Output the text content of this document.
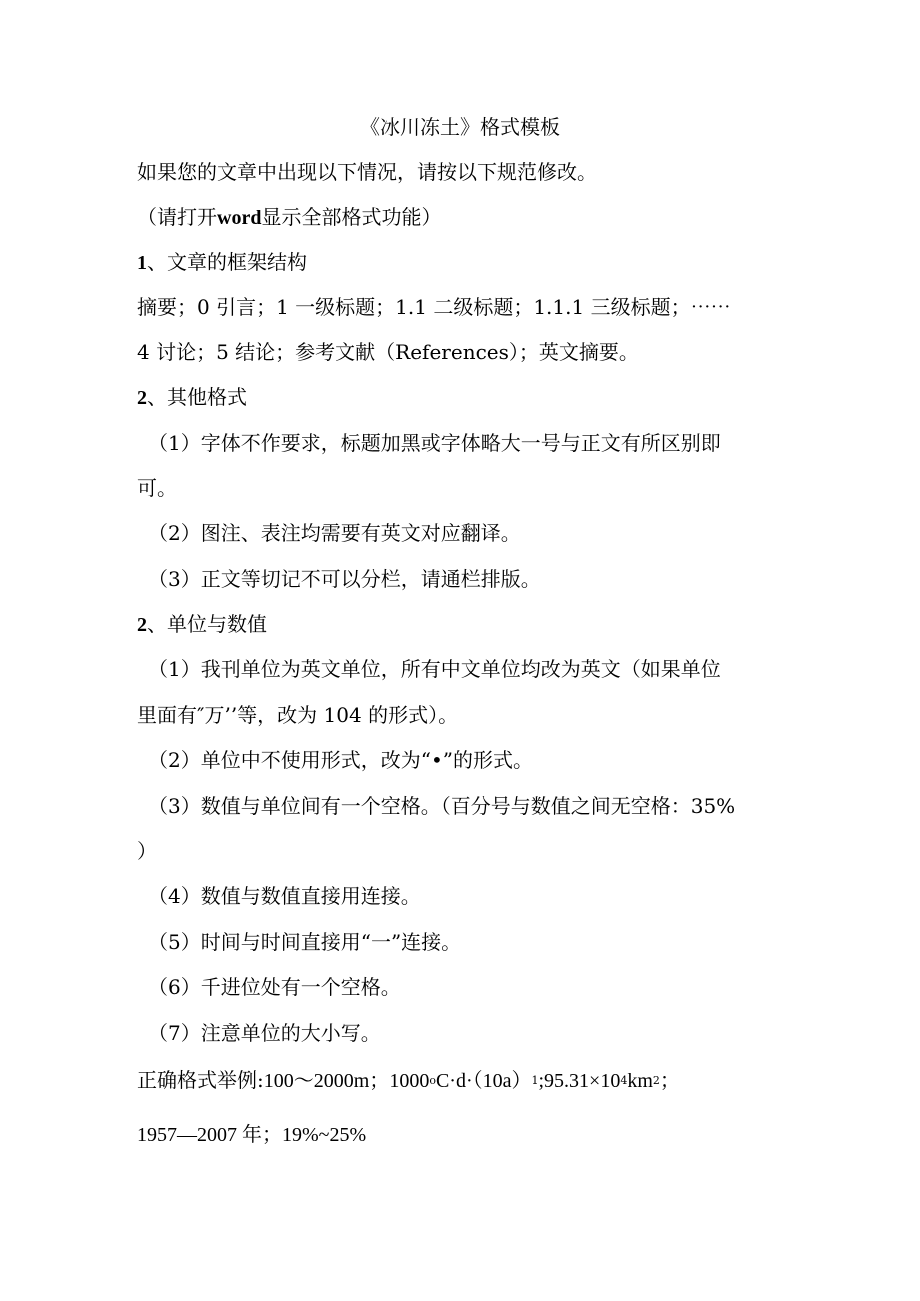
《冰川冻土》格式模板
如果您的文章中出现以下情况，请按以下规范修改。
（请打开word显示全部格式功能）
1、文章的框架结构
摘要；0 引言；1 一级标题；1.1 二级标题；1.1.1 三级标题；⋯⋯
4 讨论；5 结论；参考文献（References）；英文摘要。
2、其他格式
（1）字体不作要求，标题加黑或字体略大一号与正文有所区别即
可。
（2）图注、表注均需要有英文对应翻译。
（3）正文等切记不可以分栏，请通栏排版。
2、单位与数值
（1）我刊单位为英文单位，所有中文单位均改为英文（如果单位
里面有″万’’等，改为 104 的形式）。
（2）单位中不使用形式，改为“•”的形式。
（3）数值与单位间有一个空格。（百分号与数值之间无空格：35%
）
（4）数值与数值直接用连接。
（5）时间与时间直接用“一”连接。
（6）千进位处有一个空格。
（7）注意单位的大小写。
正确格式举例:100～2000m；$1000^oC\cdot d\cdot(10a)^1;95.31\times 10^4km^2$；
1957—2007 年；19%~25%
